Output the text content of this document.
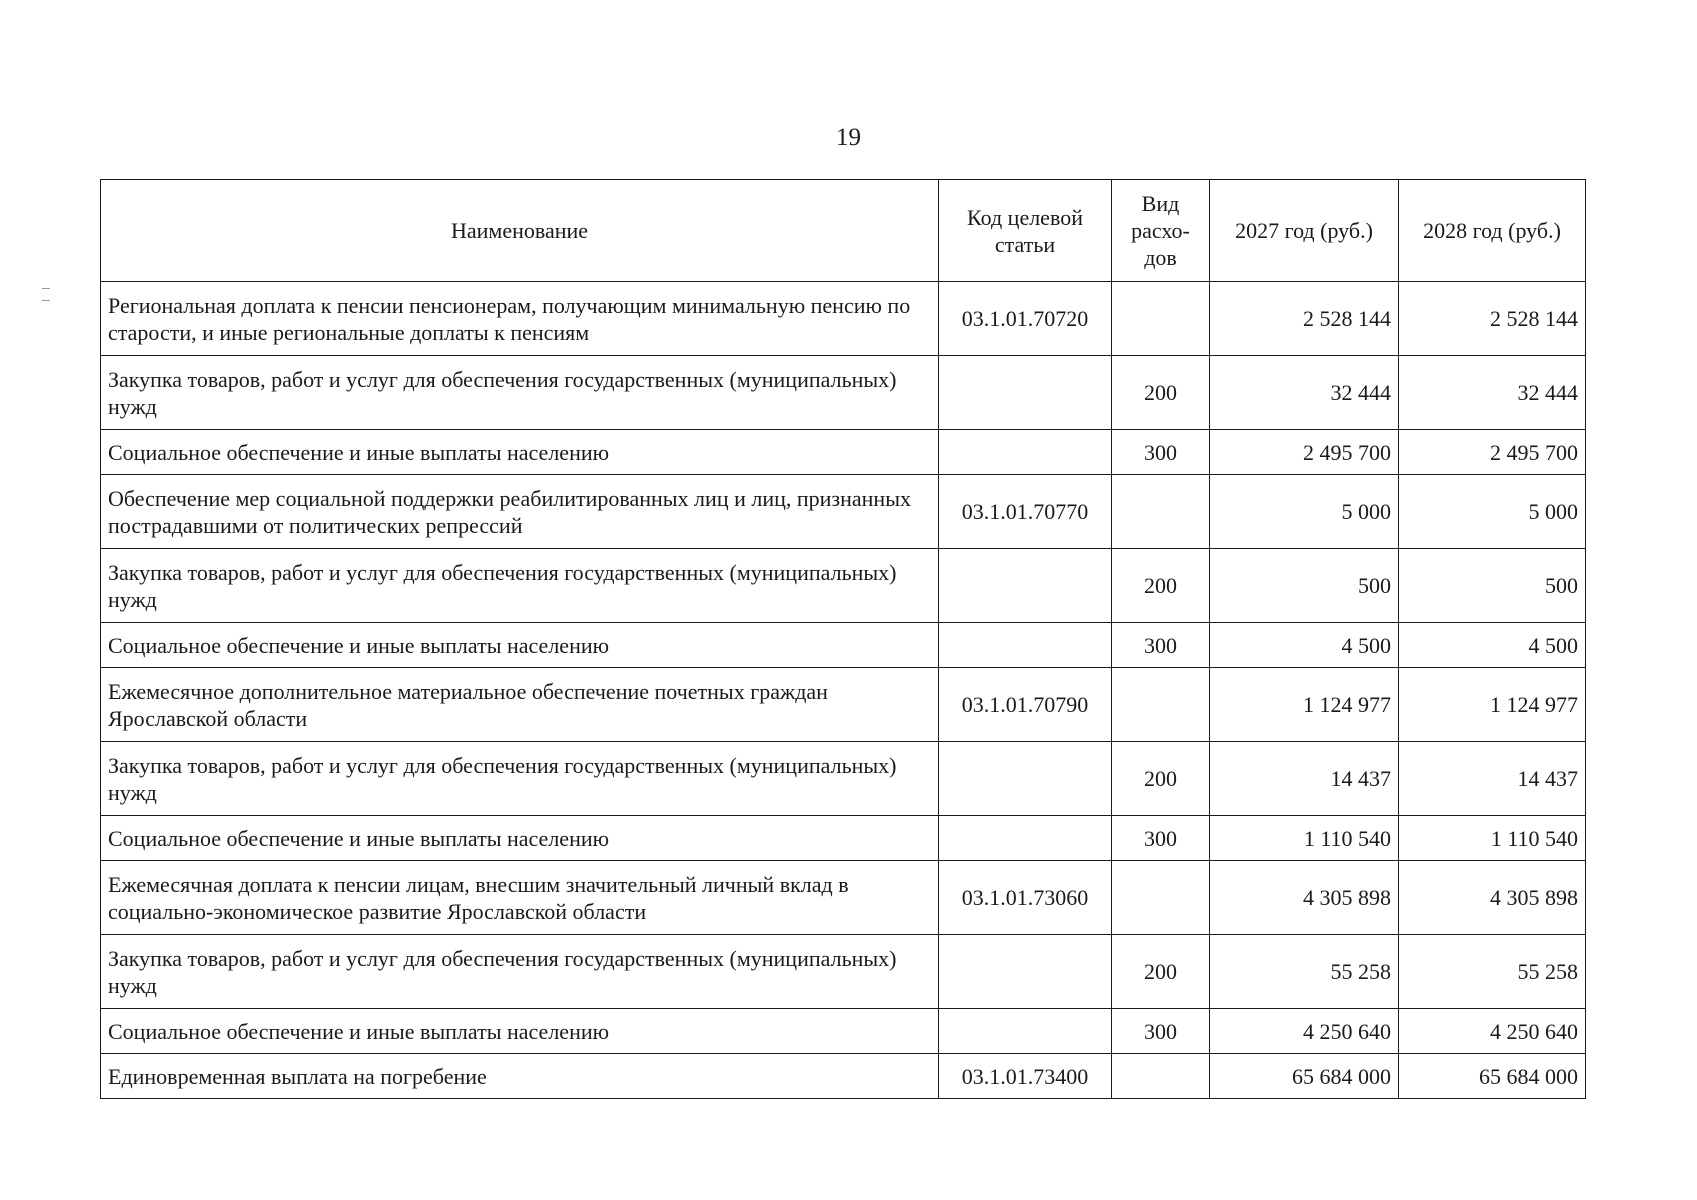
19
Наименование	Код целевой статьи	Вид расхо-дов	2027 год (руб.)	2028 год (руб.)
Региональная доплата к пенсии пенсионерам, получающим минимальную пенсию по старости, и иные региональные доплаты к пенсиям	03.1.01.70720		2 528 144	2 528 144
Закупка товаров, работ и услуг для обеспечения государственных (муниципальных) нужд		200	32 444	32 444
Социальное обеспечение и иные выплаты населению		300	2 495 700	2 495 700
Обеспечение мер социальной поддержки реабилитированных лиц и лиц, признанных пострадавшими от политических репрессий	03.1.01.70770		5 000	5 000
Закупка товаров, работ и услуг для обеспечения государственных (муниципальных) нужд		200	500	500
Социальное обеспечение и иные выплаты населению		300	4 500	4 500
Ежемесячное дополнительное материальное обеспечение почетных граждан Ярославской области	03.1.01.70790		1 124 977	1 124 977
Закупка товаров, работ и услуг для обеспечения государственных (муниципальных) нужд		200	14 437	14 437
Социальное обеспечение и иные выплаты населению		300	1 110 540	1 110 540
Ежемесячная доплата к пенсии лицам, внесшим значительный личный вклад в социально-экономическое развитие Ярославской области	03.1.01.73060		4 305 898	4 305 898
Закупка товаров, работ и услуг для обеспечения государственных (муниципальных) нужд		200	55 258	55 258
Социальное обеспечение и иные выплаты населению		300	4 250 640	4 250 640
Единовременная выплата на погребение	03.1.01.73400		65 684 000	65 684 000
